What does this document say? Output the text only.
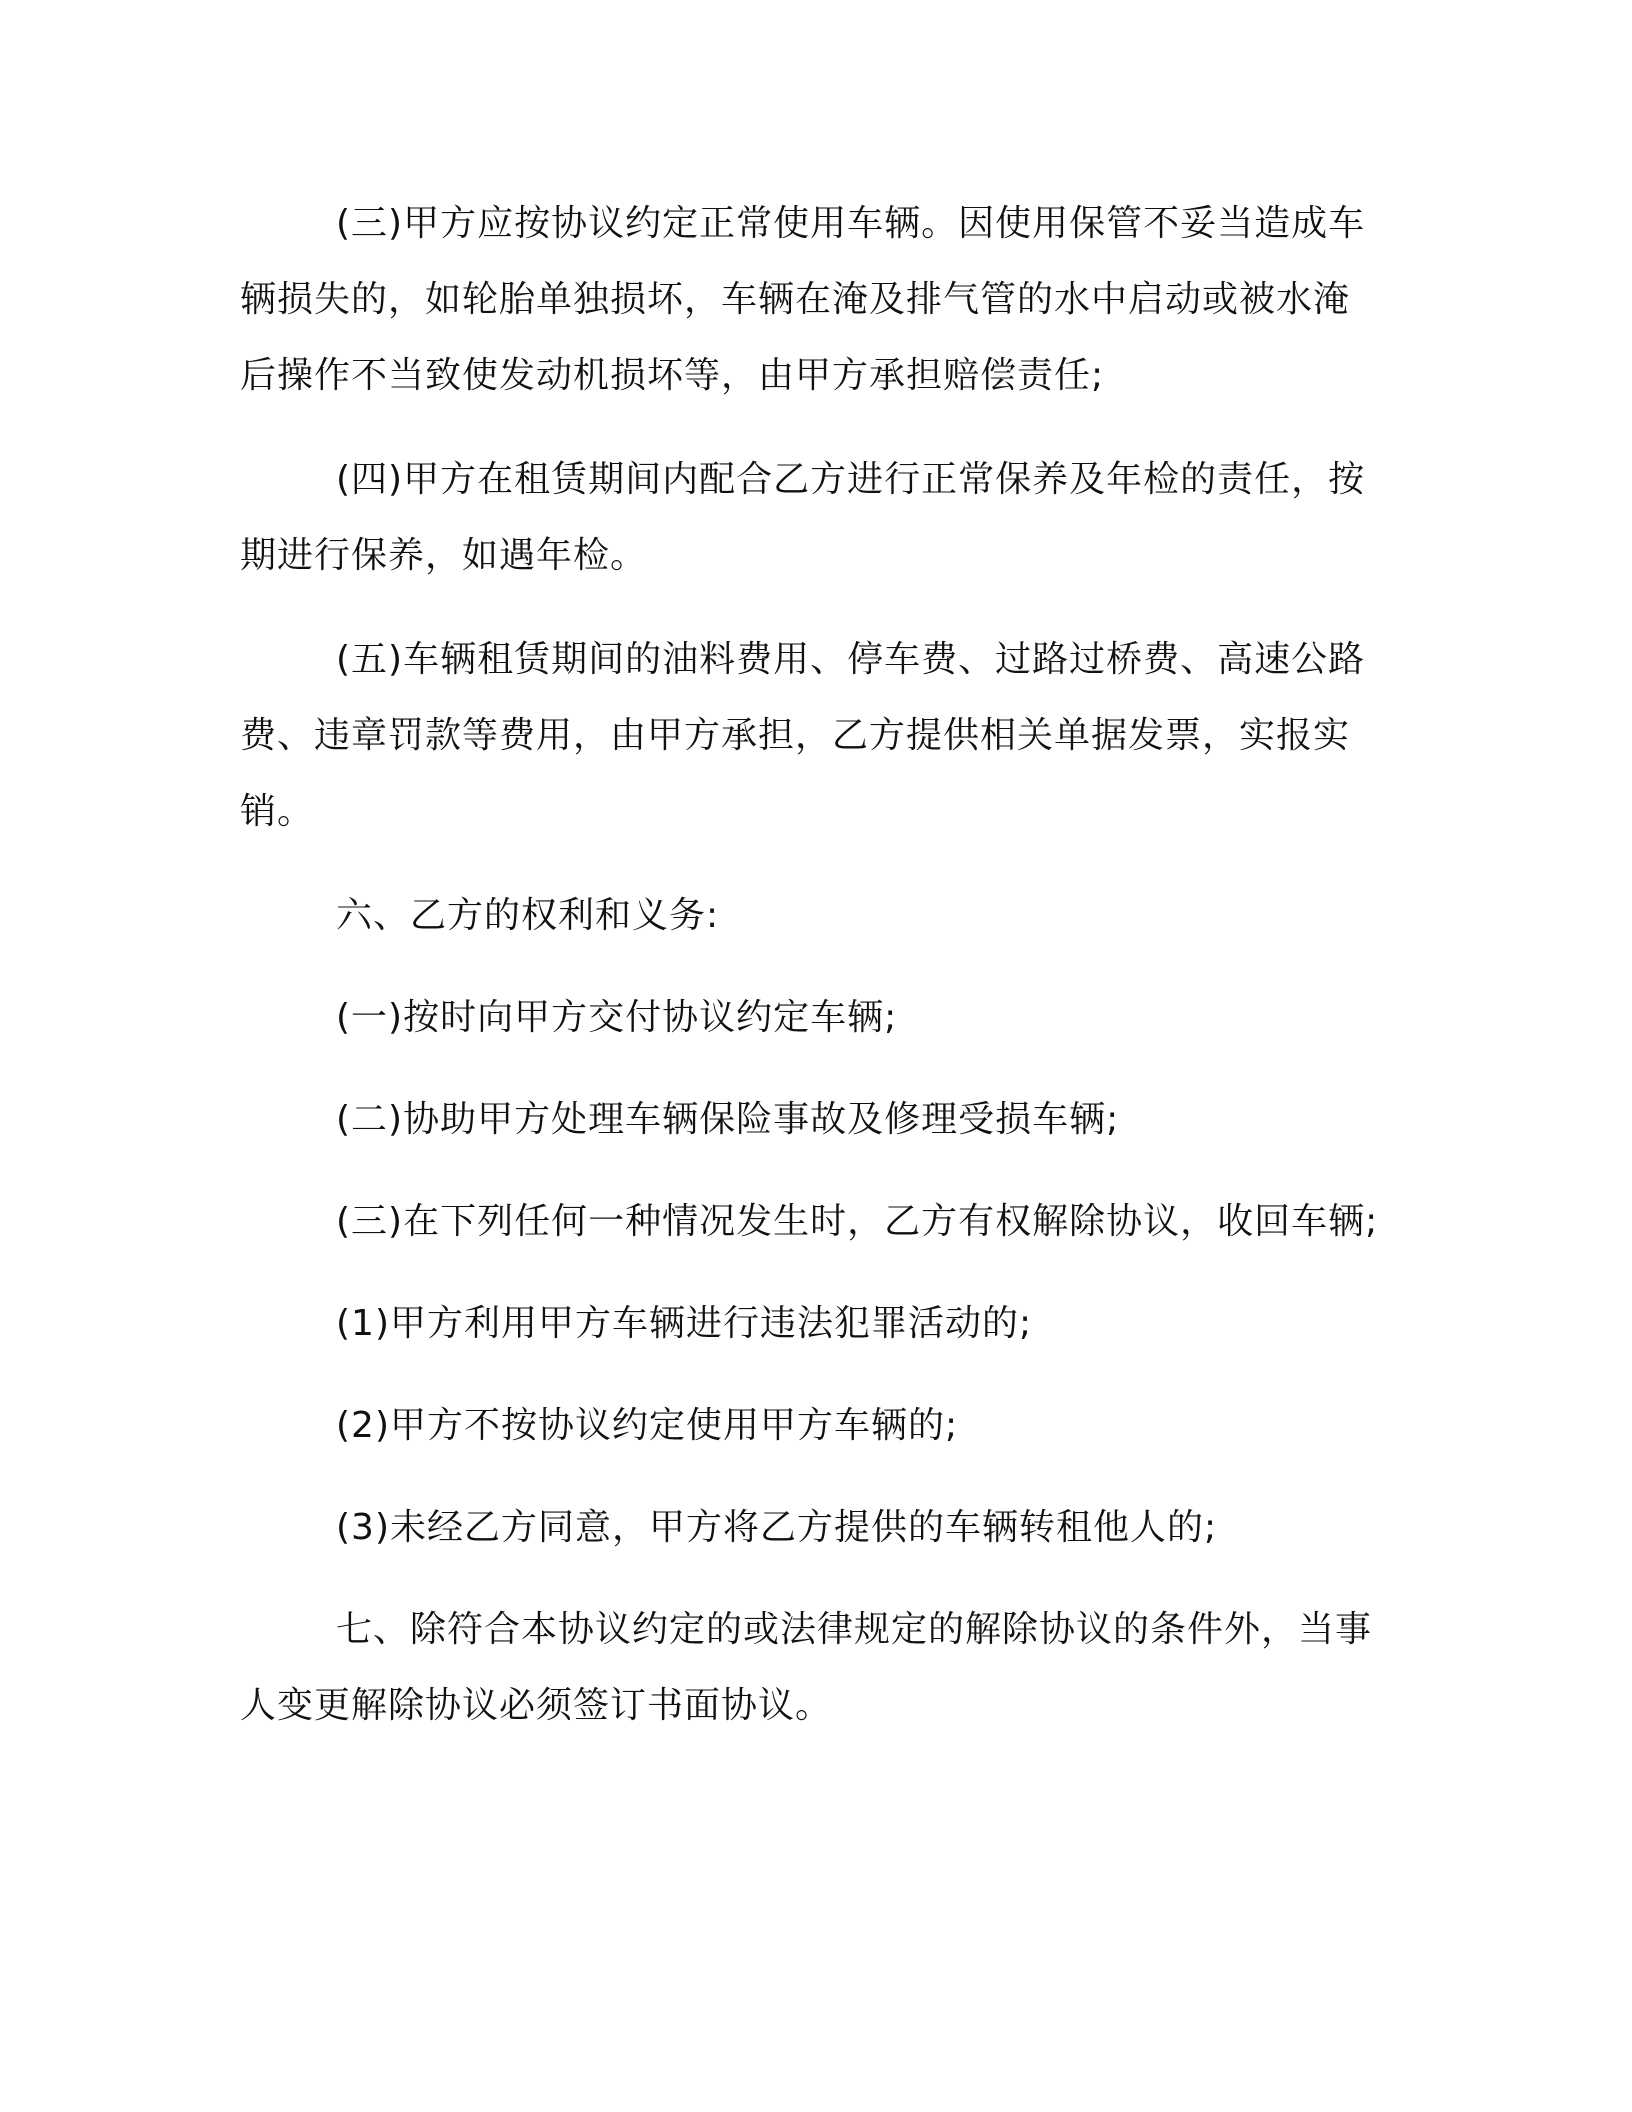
(三)甲方应按协议约定正常使用车辆。因使用保管不妥当造成车辆损失的，如轮胎单独损坏，车辆在淹及排气管的水中启动或被水淹后操作不当致使发动机损坏等，由甲方承担赔偿责任;

(四)甲方在租赁期间内配合乙方进行正常保养及年检的责任，按期进行保养，如遇年检。

(五)车辆租赁期间的油料费用、停车费、过路过桥费、高速公路费、违章罚款等费用，由甲方承担，乙方提供相关单据发票，实报实销。

六、乙方的权利和义务:

(一)按时向甲方交付协议约定车辆;

(二)协助甲方处理车辆保险事故及修理受损车辆;

(三)在下列任何一种情况发生时，乙方有权解除协议，收回车辆;

(1)甲方利用甲方车辆进行违法犯罪活动的;

(2)甲方不按协议约定使用甲方车辆的;

(3)未经乙方同意，甲方将乙方提供的车辆转租他人的;

七、除符合本协议约定的或法律规定的解除协议的条件外，当事人变更解除协议必须签订书面协议。
